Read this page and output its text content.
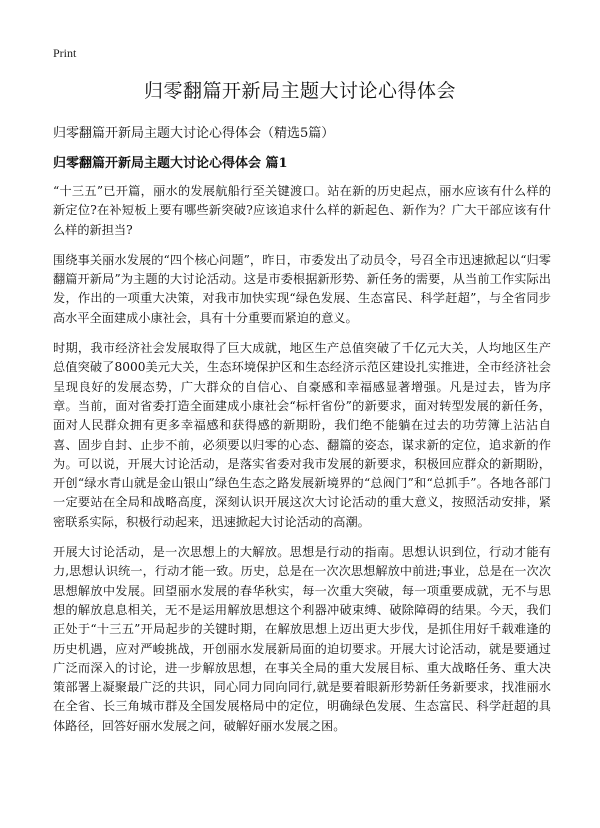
Print
归零翻篇开新局主题大讨论心得体会

归零翻篇开新局主题大讨论心得体会（精选5篇）

归零翻篇开新局主题大讨论心得体会 篇1

“十三五”已开篇，丽水的发展航船行至关键渡口。站在新的历史起点，丽水应该有什么样的新定位?在补短板上要有哪些新突破?应该追求什么样的新起色、新作为？广大干部应该有什么样的新担当?

围绕事关丽水发展的“四个核心问题”，昨日，市委发出了动员令，号召全市迅速掀起以“归零翻篇开新局”为主题的大讨论活动。这是市委根据新形势、新任务的需要，从当前工作实际出发，作出的一项重大决策，对我市加快实现“绿色发展、生态富民、科学赶超”，与全省同步高水平全面建成小康社会，具有十分重要而紧迫的意义。

时期，我市经济社会发展取得了巨大成就，地区生产总值突破了千亿元大关，人均地区生产总值突破了8000美元大关，生态环境保护区和生态经济示范区建设扎实推进，全市经济社会呈现良好的发展态势，广大群众的自信心、自豪感和幸福感显著增强。凡是过去，皆为序章。当前，面对省委打造全面建成小康社会“标杆省份”的新要求，面对转型发展的新任务，面对人民群众拥有更多幸福感和获得感的新期盼，我们绝不能躺在过去的功劳簿上沾沾自喜、固步自封、止步不前，必须要以归零的心态、翻篇的姿态，谋求新的定位，追求新的作为。可以说，开展大讨论活动，是落实省委对我市发展的新要求，积极回应群众的新期盼，开创“绿水青山就是金山银山”绿色生态之路发展新境界的“总阀门”和“总抓手”。各地各部门一定要站在全局和战略高度，深刻认识开展这次大讨论活动的重大意义，按照活动安排，紧密联系实际，积极行动起来，迅速掀起大讨论活动的高潮。

开展大讨论活动，是一次思想上的大解放。思想是行动的指南。思想认识到位，行动才能有力,思想认识统一，行动才能一致。历史，总是在一次次思想解放中前进;事业，总是在一次次思想解放中发展。回望丽水发展的春华秋实，每一次重大突破，每一项重要成就，无不与思想的解放息息相关，无不是运用解放思想这个利器冲破束缚、破除障碍的结果。今天，我们正处于“十三五”开局起步的关键时期，在解放思想上迈出更大步伐，是抓住用好千载难逢的历史机遇，应对严峻挑战，开创丽水发展新局面的迫切要求。开展大讨论活动，就是要通过广泛而深入的讨论，进一步解放思想，在事关全局的重大发展目标、重大战略任务、重大决策部署上凝聚最广泛的共识，同心同力同向同行,就是要着眼新形势新任务新要求，找准丽水在全省、长三角城市群及全国发展格局中的定位，明确绿色发展、生态富民、科学赶超的具体路径，回答好丽水发展之问，破解好丽水发展之困。
